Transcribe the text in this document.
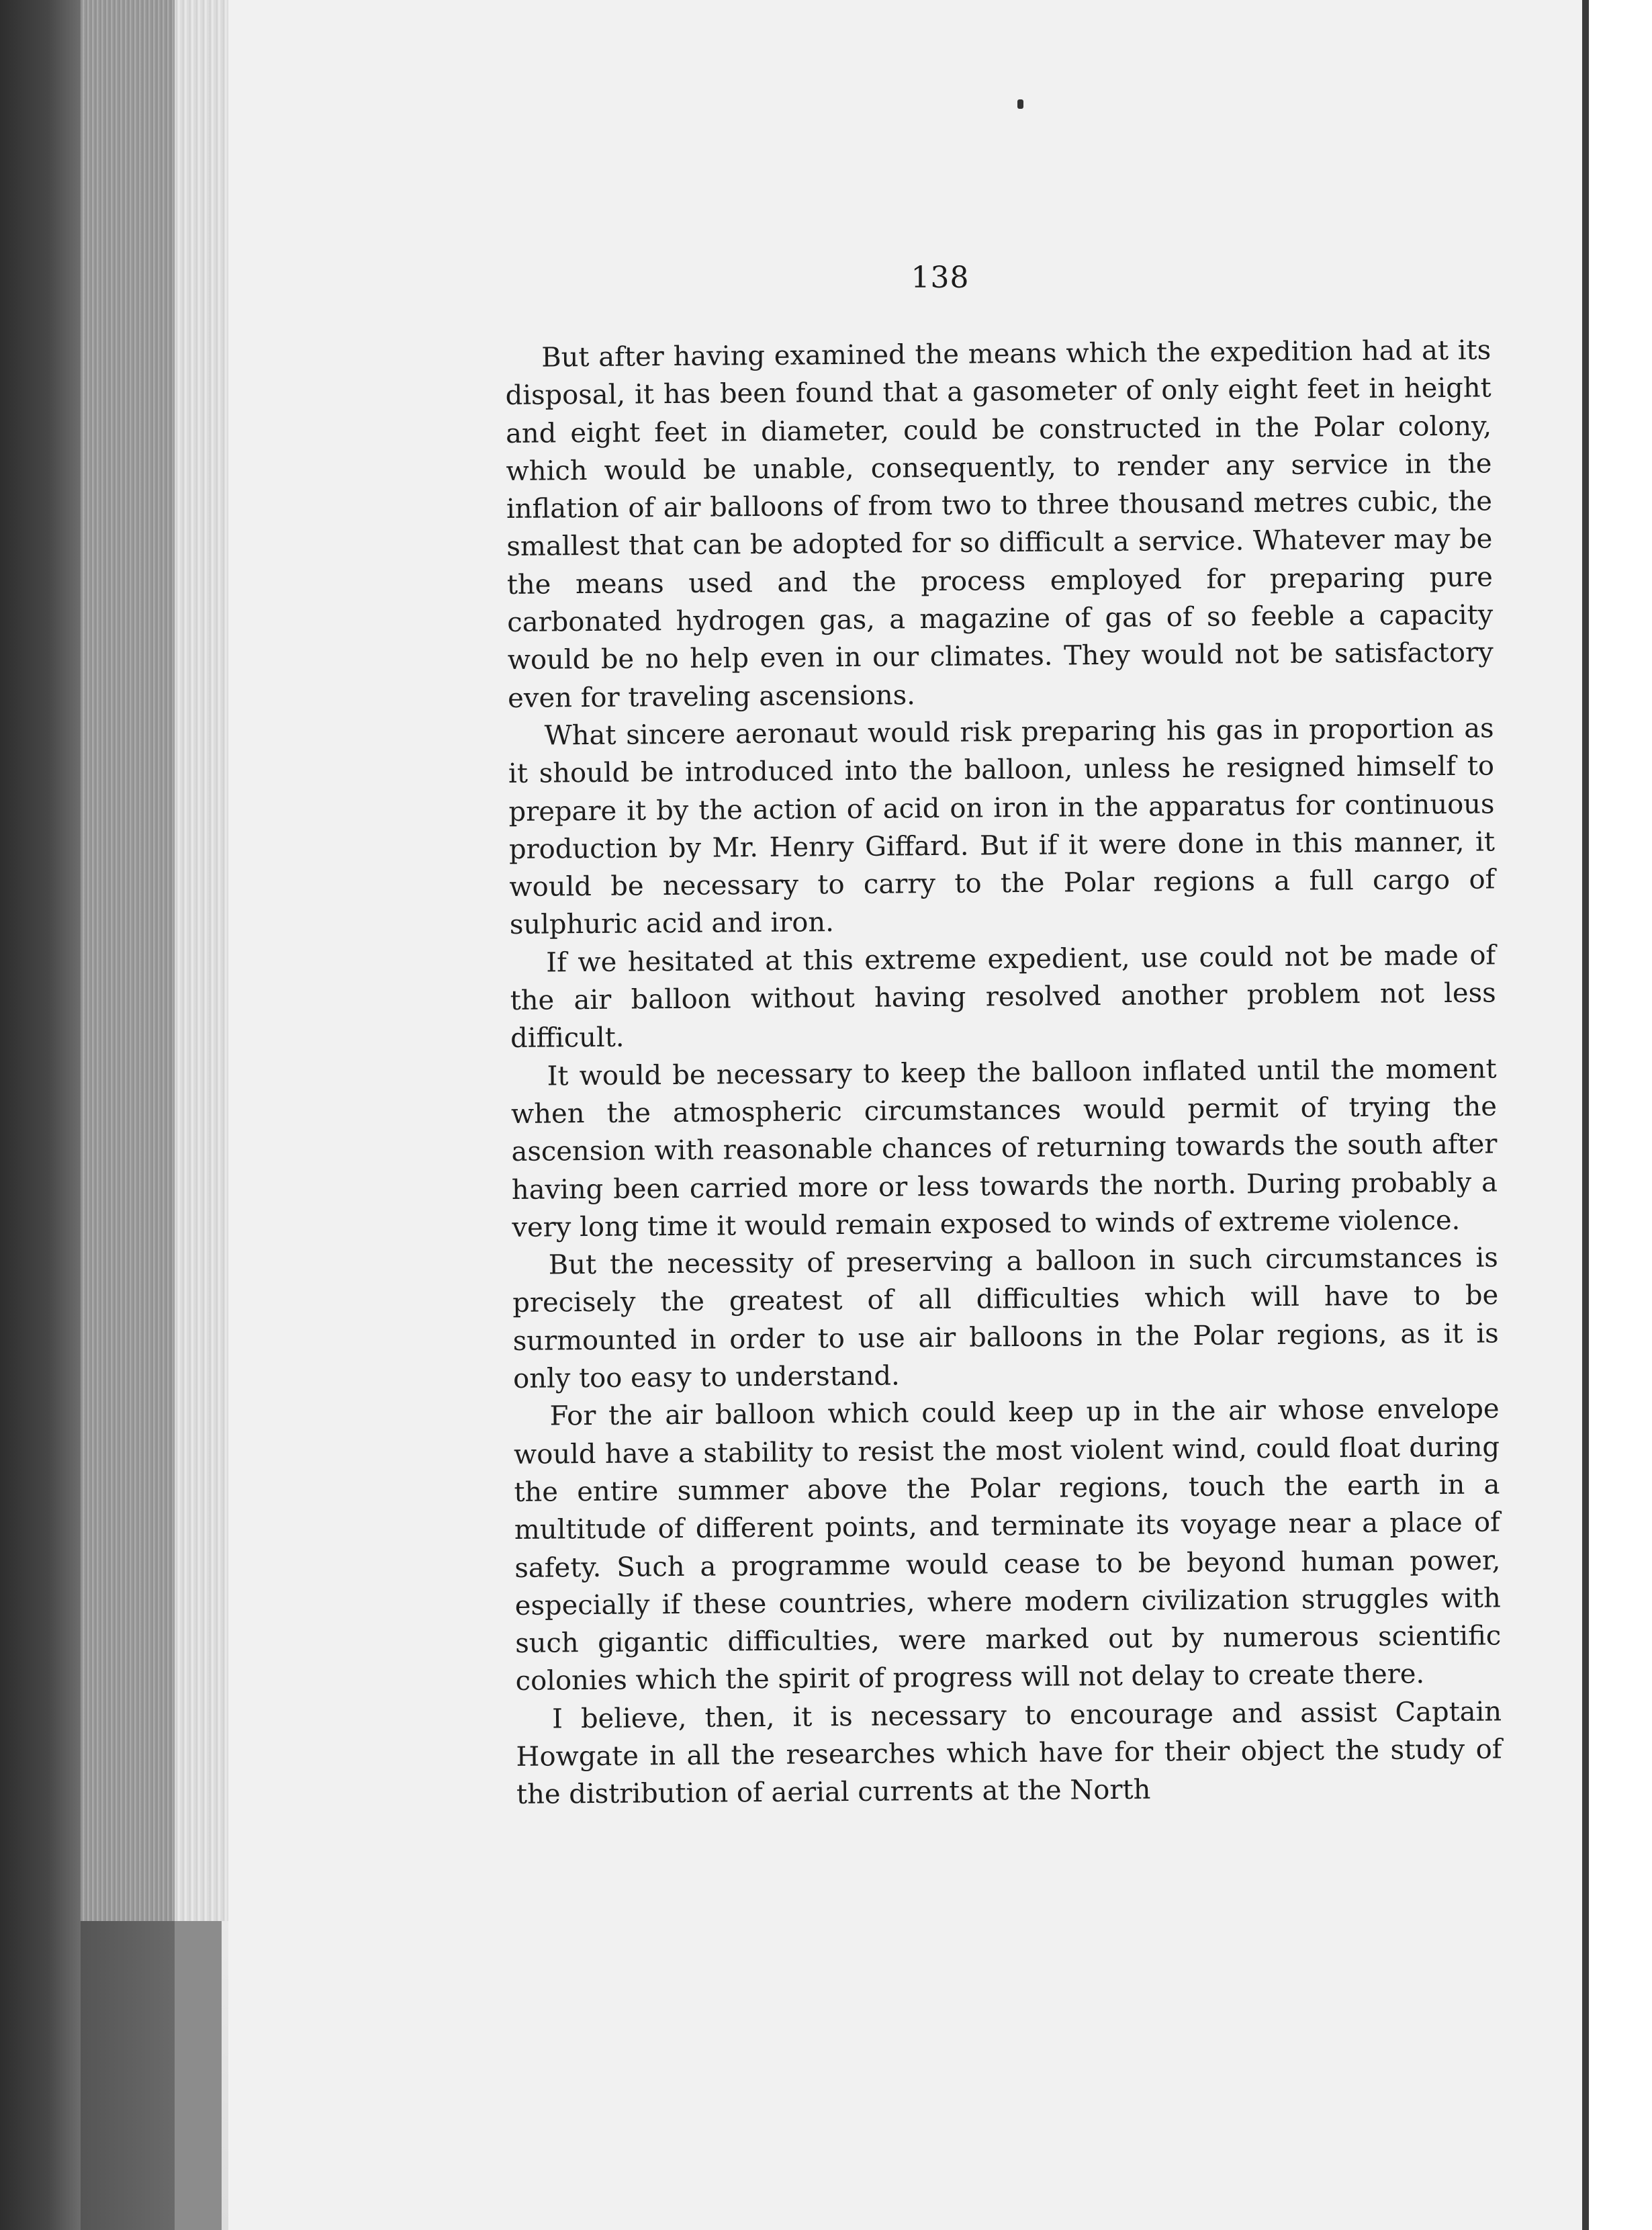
138

But after having examined the means which the expedition had at its disposal, it has been found that a gasometer of only eight feet in height and eight feet in diameter, could be constructed in the Polar colony, which would be unable, consequently, to render any service in the inflation of air balloons of from two to three thousand metres cubic, the smallest that can be adopted for so difficult a service. Whatever may be the means used and the process employed for preparing pure carbonated hydrogen gas, a magazine of gas of so feeble a capacity would be no help even in our climates. They would not be satisfactory even for traveling ascensions.

What sincere aeronaut would risk preparing his gas in proportion as it should be introduced into the balloon, unless he resigned himself to prepare it by the action of acid on iron in the apparatus for continuous production by Mr. Henry Giffard. But if it were done in this manner, it would be necessary to carry to the Polar regions a full cargo of sulphuric acid and iron.

If we hesitated at this extreme expedient, use could not be made of the air balloon without having resolved another problem not less difficult.

It would be necessary to keep the balloon inflated until the moment when the atmospheric circumstances would permit of trying the ascension with reasonable chances of returning towards the south after having been carried more or less towards the north. During probably a very long time it would remain exposed to winds of extreme violence.

But the necessity of preserving a balloon in such circumstances is precisely the greatest of all difficulties which will have to be surmounted in order to use air balloons in the Polar regions, as it is only too easy to understand.

For the air balloon which could keep up in the air whose envelope would have a stability to resist the most violent wind, could float during the entire summer above the Polar regions, touch the earth in a multitude of different points, and terminate its voyage near a place of safety. Such a programme would cease to be beyond human power, especially if these countries, where modern civilization struggles with such gigantic difficulties, were marked out by numerous scientific colonies which the spirit of progress will not delay to create there.

I believe, then, it is necessary to encourage and assist Captain Howgate in all the researches which have for their object the study of the distribution of aerial currents at the North
